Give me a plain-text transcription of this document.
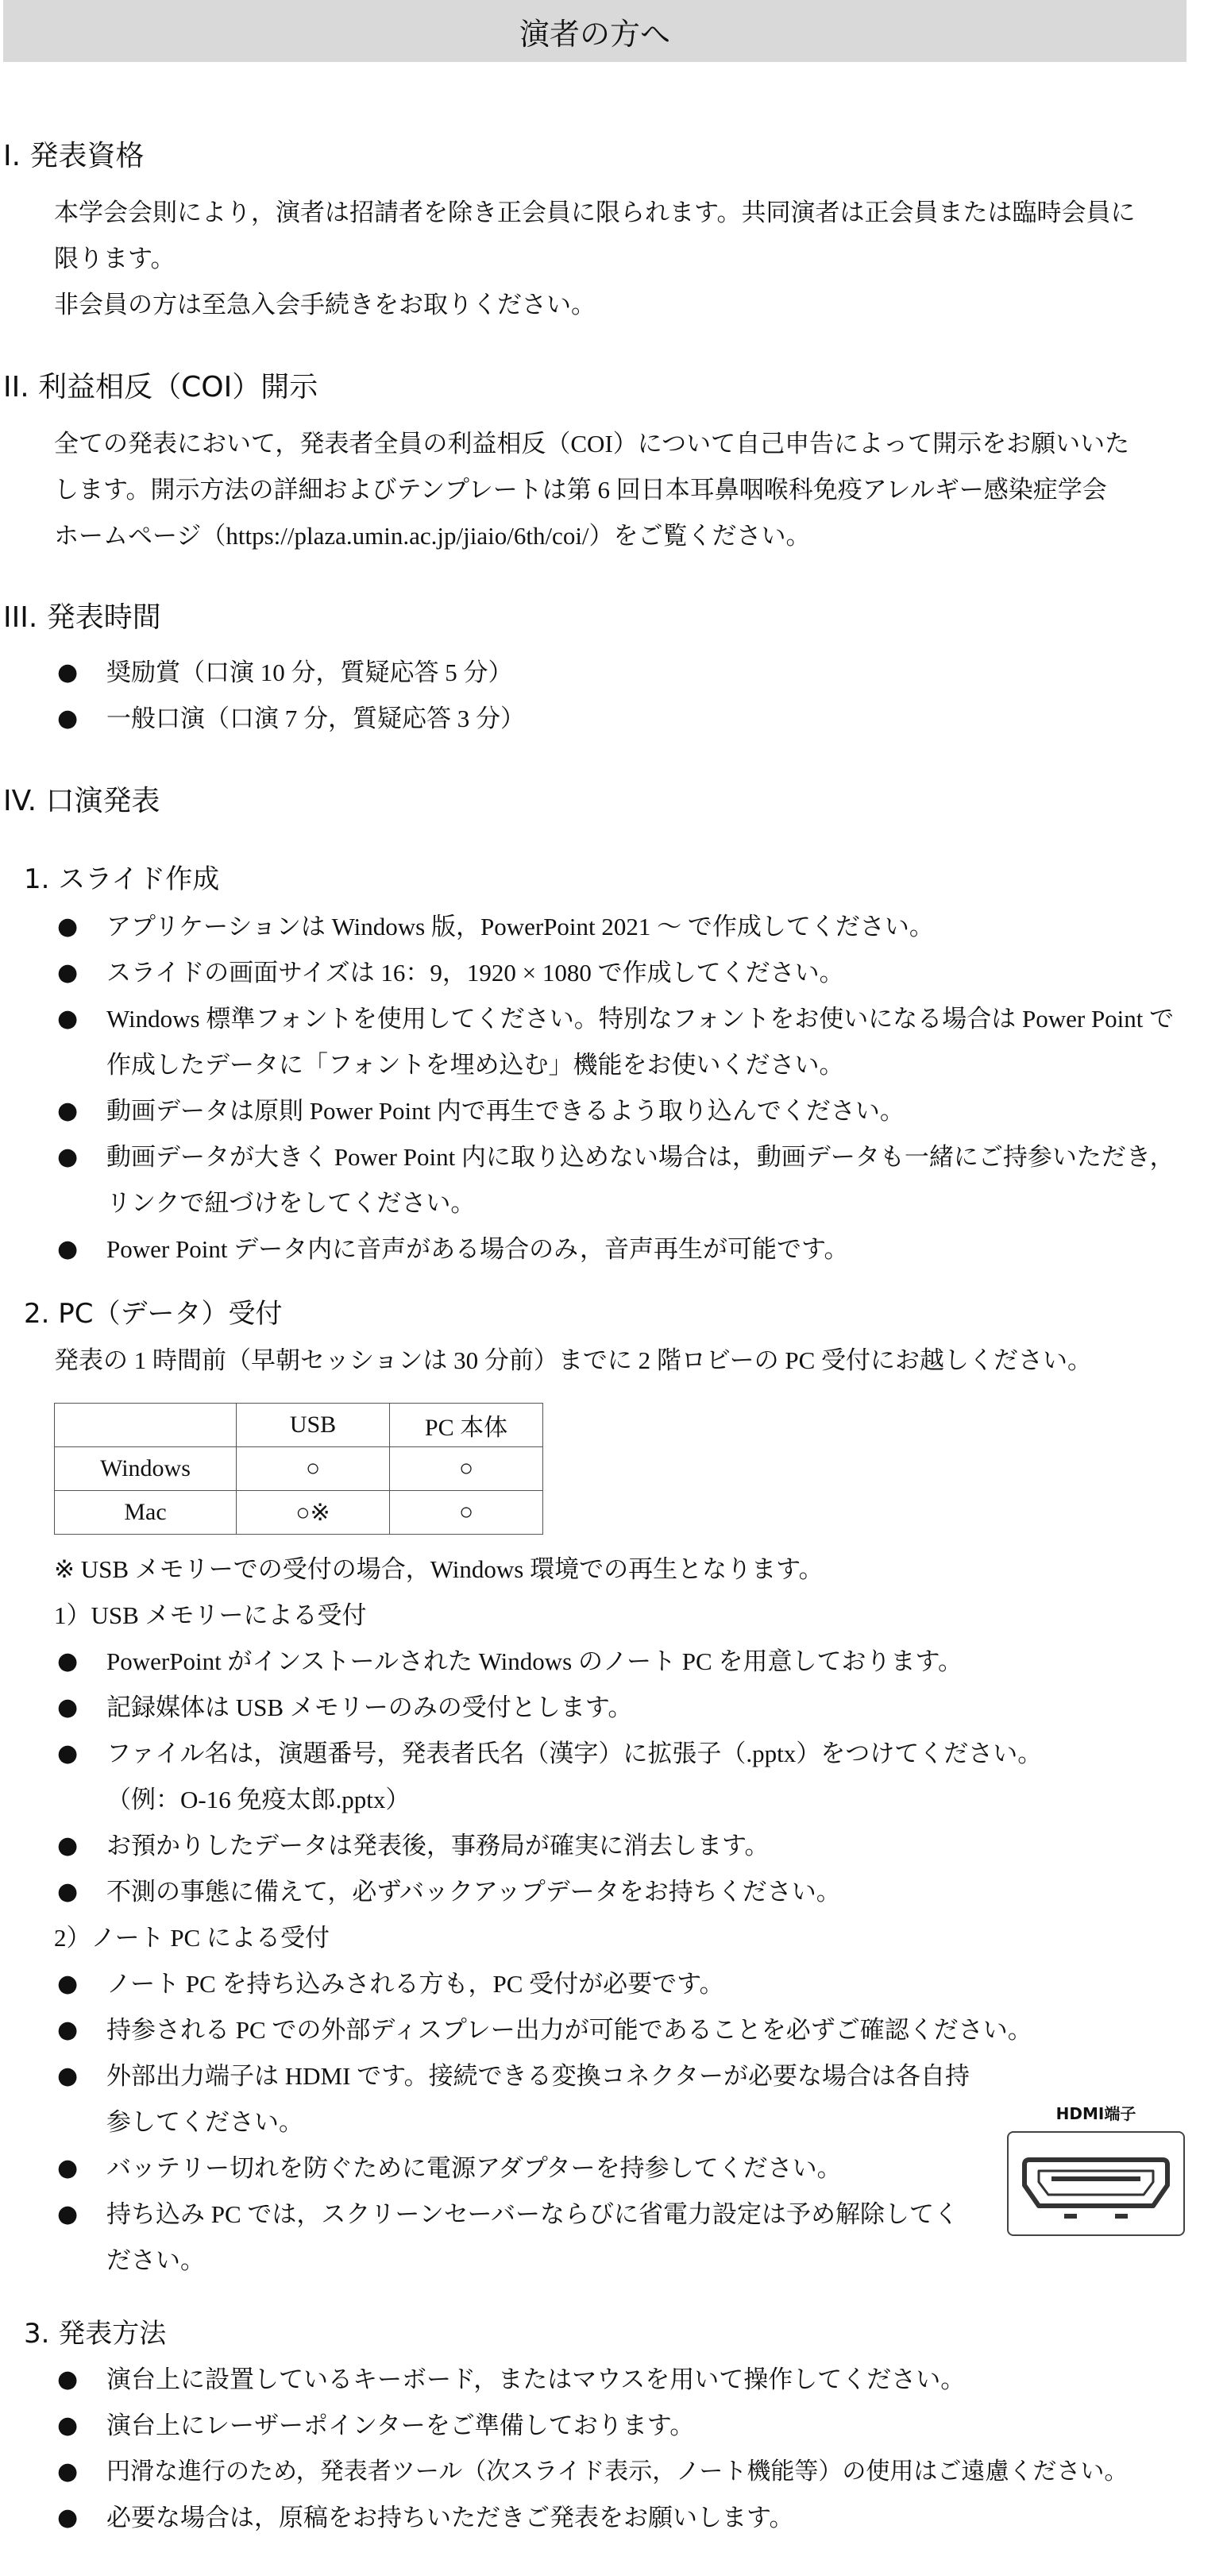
演者の方へ
I. 発表資格
本学会会則により，演者は招請者を除き正会員に限られます。共同演者は正会員または臨時会員に
限ります。
非会員の方は至急入会手続きをお取りください。
II. 利益相反（COI）開示
全ての発表において，発表者全員の利益相反（COI）について自己申告によって開示をお願いいた
します。開示方法の詳細およびテンプレートは第 6 回日本耳鼻咽喉科免疫アレルギー感染症学会
ホームページ（https://plaza.umin.ac.jp/jiaio/6th/coi/）をご覧ください。
III. 発表時間
●	奨励賞（口演 10 分，質疑応答 5 分）
●	一般口演（口演 7 分，質疑応答 3 分）
IV. 口演発表
1. スライド作成
●	アプリケーションは Windows 版，PowerPoint 2021 〜 で作成してください。
●	スライドの画面サイズは 16：9，1920 × 1080 で作成してください。
●	Windows 標準フォントを使用してください。特別なフォントをお使いになる場合は Power Point で作成したデータに「フォントを埋め込む」機能をお使いください。
●	動画データは原則 Power Point 内で再生できるよう取り込んでください。
●	動画データが大きく Power Point 内に取り込めない場合は，動画データも一緒にご持参いただき，リンクで紐づけをしてください。
●	Power Point データ内に音声がある場合のみ，音声再生が可能です。
2. PC（データ）受付
発表の 1 時間前（早朝セッションは 30 分前）までに 2 階ロビーの PC 受付にお越しください。
	USB	PC 本体
Windows	○	○
Mac	○※	○
※ USB メモリーでの受付の場合，Windows 環境での再生となります。
1）USB メモリーによる受付
●	PowerPoint がインストールされた Windows のノート PC を用意しております。
●	記録媒体は USB メモリーのみの受付とします。
●	ファイル名は，演題番号，発表者氏名（漢字）に拡張子（.pptx）をつけてください。
（例：O-16 免疫太郎.pptx）
●	お預かりしたデータは発表後，事務局が確実に消去します。
●	不測の事態に備えて，必ずバックアップデータをお持ちください。
2）ノート PC による受付
●	ノート PC を持ち込みされる方も，PC 受付が必要です。
●	持参される PC での外部ディスプレー出力が可能であることを必ずご確認ください。
●	外部出力端子は HDMI です。接続できる変換コネクターが必要な場合は各自持参してください。
●	バッテリー切れを防ぐために電源アダプターを持参してください。
●	持ち込み PC では，スクリーンセーバーならびに省電力設定は予め解除してください。
HDMI端子
3. 発表方法
●	演台上に設置しているキーボード，またはマウスを用いて操作してください。
●	演台上にレーザーポインターをご準備しております。
●	円滑な進行のため，発表者ツール（次スライド表示，ノート機能等）の使用はご遠慮ください。
●	必要な場合は，原稿をお持ちいただきご発表をお願いします。
